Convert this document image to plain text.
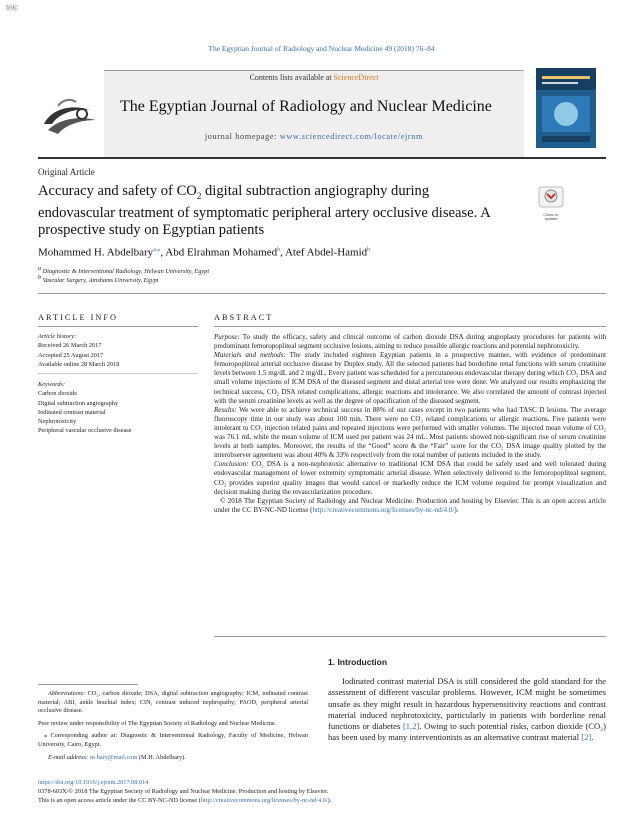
纳标
The Egyptian Journal of Radiology and Nuclear Medicine 49 (2018) 76–84
Contents lists available at ScienceDirect
The Egyptian Journal of Radiology and Nuclear Medicine
journal homepage: www.sciencedirect.com/locate/ejrnm
Original Article
Accuracy and safety of $CO_2$ digital subtraction angiography during endovascular treatment of symptomatic peripheral artery occlusive disease. A prospective study on Egyptian patients
Check for updates
Mohammed H. Abdelbary$^{a,⁎}$, Abd Elrahman Mohamed$^b$, Atef Abdel-Hamid$^b$
$^a$ Diagnostic & Interventional Radiology, Helwan University, Egypt
$^b$ Vascular Surgery, Ainshams University, Egypt
ARTICLE INFO	ABSTRACT
Article history:
Received 26 March 2017
Accepted 25 August 2017
Available online 28 March 2018
Keywords:
Carbon dioxide
Digital subtraction angiography
Iodinated contrast material
Nephrotoxicity
Peripheral vascular occlusive disease

Purpose: To study the efficacy, safety and clinical outcome of carbon dioxide DSA during angioplasty procedures for patients with predominant femoropopliteal segment occlusive lesions, aiming to reduce possible allergic reactions and potential nephrotoxicity.

Materials and methods: The study included eighteen Egyptian patients in a prospective manner, with evidence of predominant femoropopliteal arterial occlusive disease by Duplex study. All the selected patients had borderline renal functions with serum creatinine levels between 1.5 mg/dL and 2 mg/dL. Every patient was scheduled for a percutaneous endovascular therapy during which CO₂ DSA and small volume injections of ICM DSA of the diseased segment and distal arterial tree were done. We analyzed our results emphasizing the technical success, CO₂ DSA related complications, allergic reactions and intolerance. We also correlated the amount of contrast injected with the serum creatinine levels as well as the degree of opacification of the diseased segment.

Results: We were able to achieve technical success in 88% of our cases except in two patients who had TASC D lesions. The average fluoroscopy time in our study was about 100 min. There were no CO₂ related complications or allergic reactions. Five patients were intolerant to CO₂ injection related pains and repeated injections were performed with smaller volumes. The injected mean volume of CO₂ was 76.1 mL while the mean volume of ICM used per patient was 24 mL. Most patients showed non-significant rise of serum creatinine levels at both samples. Moreover, the results of the “Good” score & the “Fair” score for the CO₂ DSA image quality plotted by the interobserver agreement was about 40% & 33% respectively from the total number of patients included in the study.

Conclusion: CO₂ DSA is a non-nephrotoxic alternative to traditional ICM DSA that could be safely used and well tolerated during endovascular management of lower extremity symptomatic arterial disease. When selectively delivered to the femoropopliteal segment, CO₂ provides superior quality images that would cancel or markedly reduce the ICM volume required for prompt visualization and decision making during the revascularization procedure.

© 2018 The Egyptian Society of Radiology and Nuclear Medicine. Production and hosting by Elsevier. This is an open access article under the CC BY-NC-ND license (http://creativecommons.org/licenses/by-nc-nd/4.0/).

1. Introduction

Iodinated contrast material DSA is still considered the gold standard for the assessment of different vascular problems. However, ICM might be sometimes unsafe as they might result in hazardous hypersensitivity reactions and contrast material induced nephrotoxicity, particularly in patients with borderline renal functions or diabetes [1,2]. Owing to such potential risks, carbon dioxide (CO₂) has been used by many interventionists as an alternative contrast material [2].

Abbreviations: CO₂, carbon dioxide; DSA, digital subtraction angiography; ICM, iodinated contrast material; ABI, ankle brachial index; CIN, contrast induced nephropathy; PAOD, peripheral arterial occlusive disease.

Peer review under responsibility of The Egyptian Society of Radiology and Nuclear Medicine.

⁎ Corresponding author at: Diagnostic & Interventional Radiology, Faculty of Medicine, Helwan University, Cairo, Egypt.

E-mail address: m-bary@mail.com (M.H. Abdelbary).

https://doi.org/10.1016/j.ejrnm.2017.08.014
0378-603X/© 2018 The Egyptian Society of Radiology and Nuclear Medicine. Production and hosting by Elsevier.
This is an open access article under the CC BY-NC-ND license (http://creativecommons.org/licenses/by-nc-nd/4.0/).
